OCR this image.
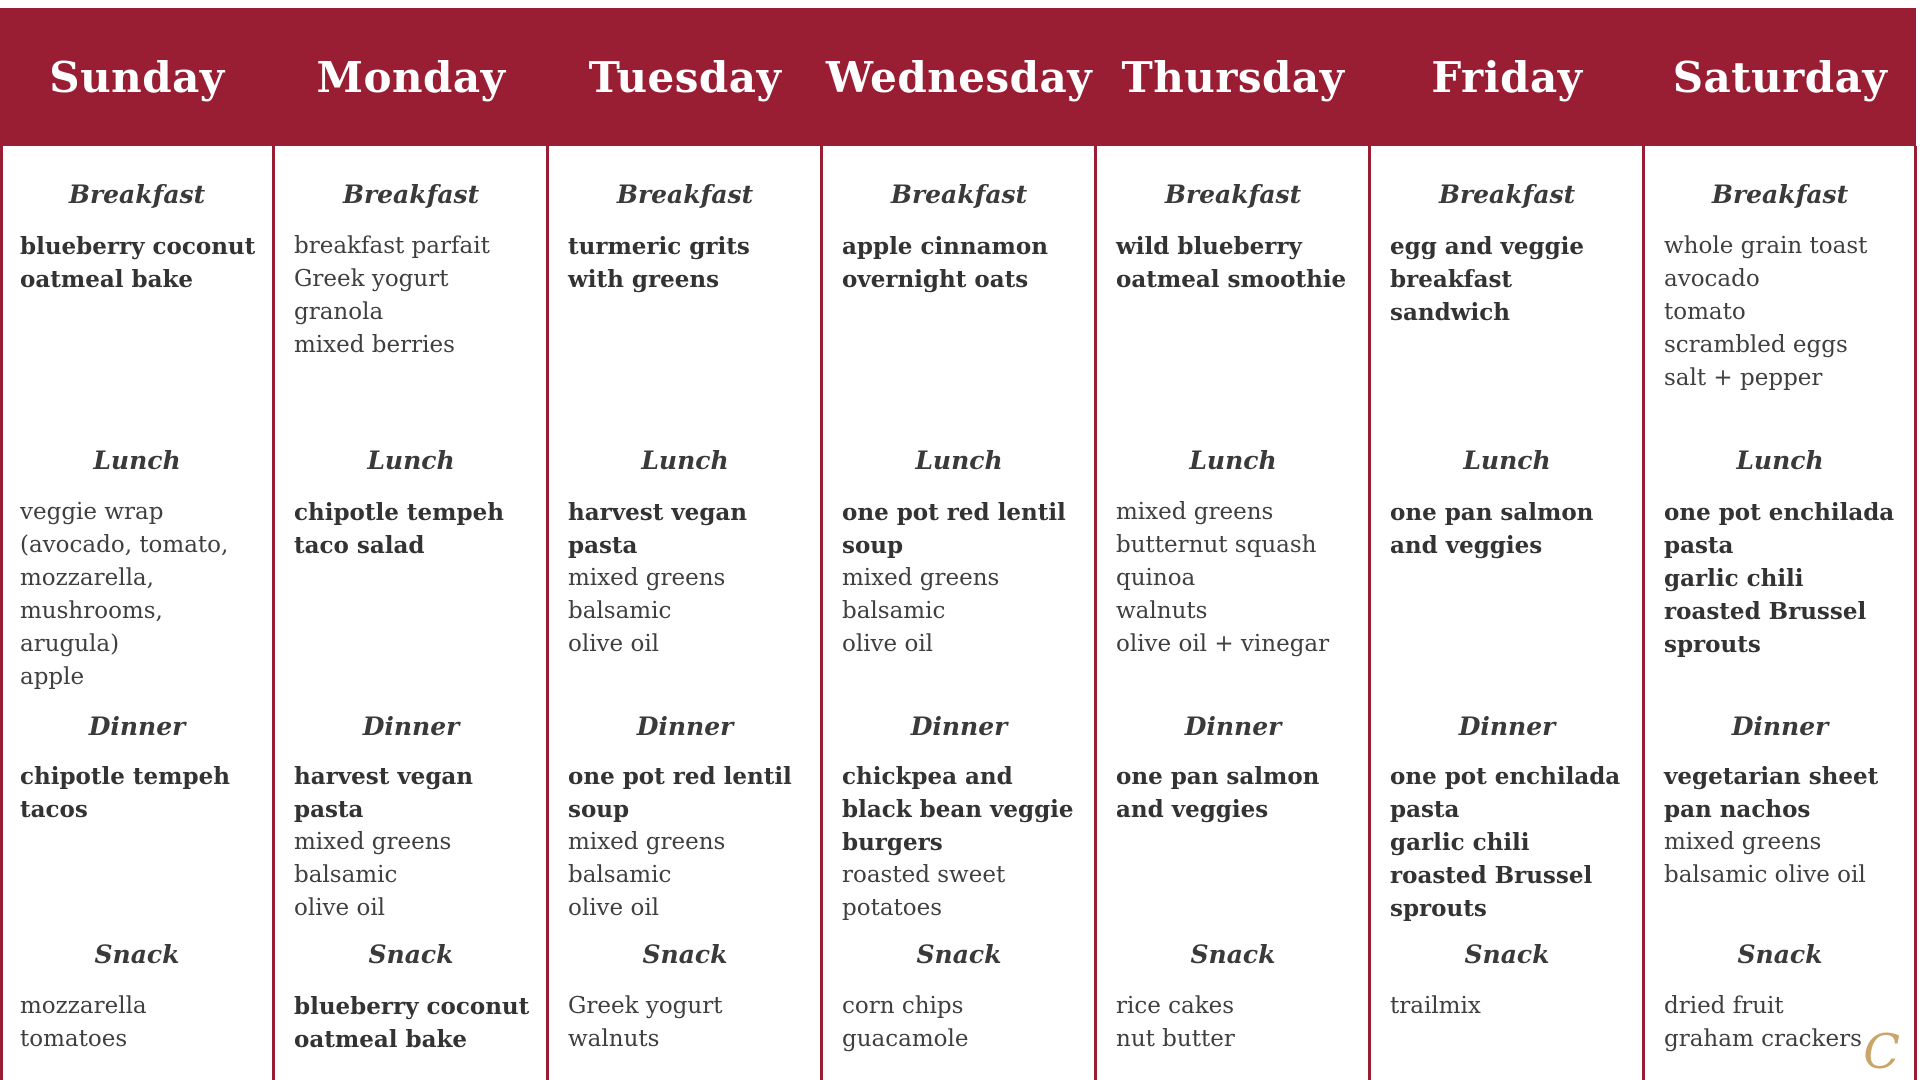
C
Sunday
Breakfast
blueberry coconut oatmeal bake
Lunch
veggie wrap
(avocado, tomato,
mozzarella,
mushrooms, arugula)
apple
Dinner
chipotle tempeh tacos
Snack
mozzarella
tomatoes
Monday
Breakfast
breakfast parfait
Greek yogurt
granola
mixed berries
Lunch
chipotle tempeh taco salad
Dinner
harvest vegan pasta
mixed greens
balsamic
olive oil
Snack
blueberry coconut oatmeal bake
Tuesday
Breakfast
turmeric grits with greens
Lunch
harvest vegan pasta
mixed greens
balsamic
olive oil
Dinner
one pot red lentil soup
mixed greens
balsamic
olive oil
Snack
Greek yogurt
walnuts
Wednesday
Breakfast
apple cinnamon overnight oats
Lunch
one pot red lentil soup
mixed greens
balsamic
olive oil
Dinner
chickpea and black bean veggie burgers
roasted sweet potatoes
Snack
corn chips
guacamole
Thursday
Breakfast
wild blueberry oatmeal smoothie
Lunch
mixed greens
butternut squash
quinoa
walnuts
olive oil + vinegar
Dinner
one pan salmon and veggies
Snack
rice cakes
nut butter
Friday
Breakfast
egg and veggie breakfast sandwich
Lunch
one pan salmon and veggies
Dinner
one pot enchilada pasta
garlic chili roasted Brussel sprouts
Snack
trailmix
Saturday
Breakfast
whole grain toast
avocado
tomato
scrambled eggs
salt + pepper
Lunch
one pot enchilada pasta
garlic chili roasted Brussel sprouts
Dinner
vegetarian sheet pan nachos
mixed greens
balsamic olive oil
Snack
dried fruit
graham crackers
